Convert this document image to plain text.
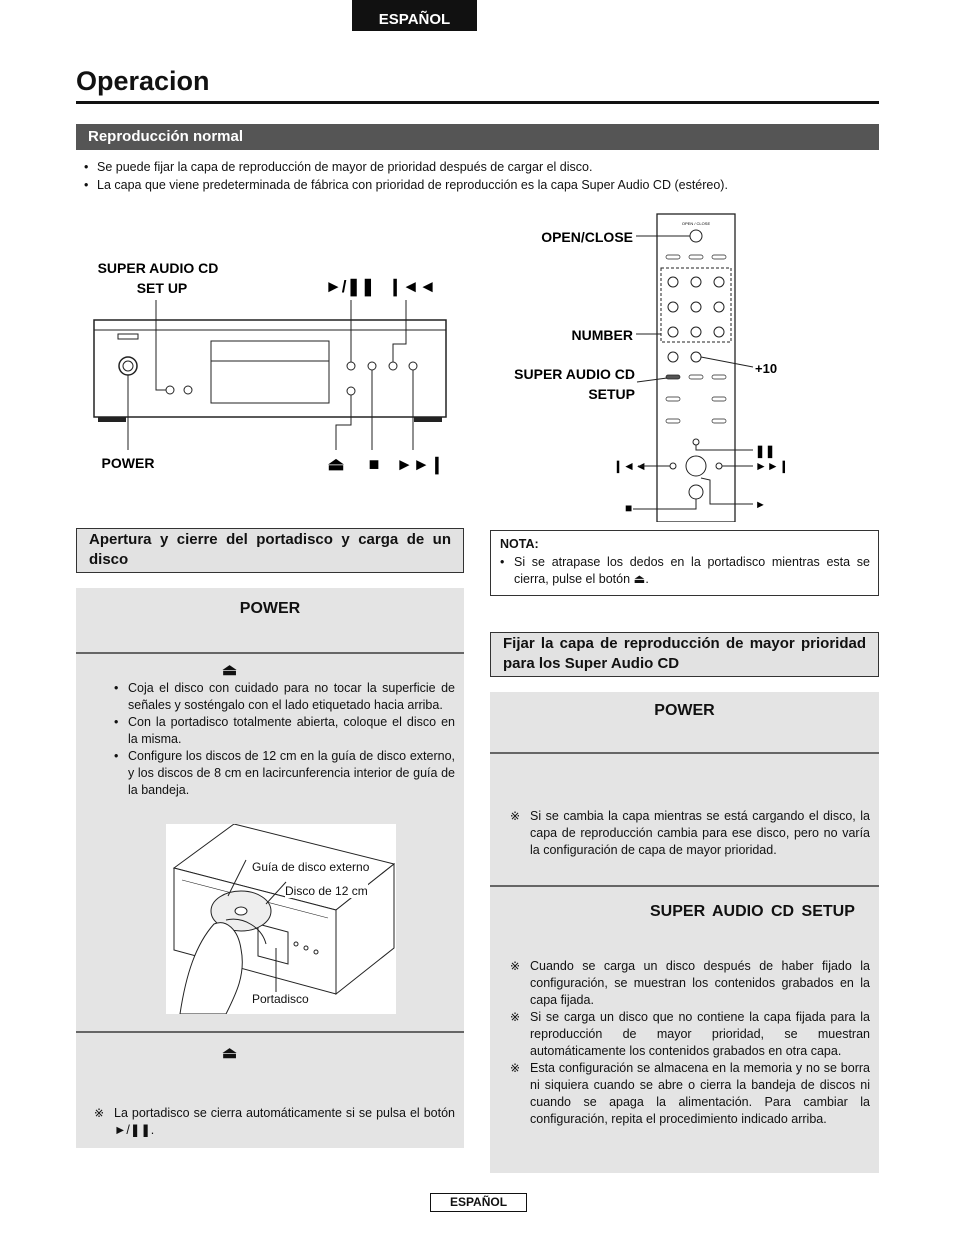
ESPAÑOL
Operacion
Reproducción normal
• Se puede fijar la capa de reproducción de mayor de prioridad después de cargar el disco.
• La capa que viene predeterminada de fábrica con prioridad de reproducción es la capa Super Audio CD (estéreo).
SUPER AUDIO CD
SET UP	►/❚❚ ❙◄◄
POWER	⏏ ■ ►►❙
OPEN/CLOSE
NUMBER
SUPER AUDIO CD
SETUP
+10
❚❚
❙◄◄	►►❙
■	►
OPEN / CLOSE
Apertura y cierre del portadisco y carga de un disco
POWER
⏏
• Coja el disco con cuidado para no tocar la superficie de señales y sosténgalo con el lado etiquetado hacia arriba.
• Con la portadisco totalmente abierta, coloque el disco en la misma.
• Configure los discos de 12 cm en la guía de disco externo, y los discos de 8 cm en lacircunferencia interior de guía de la bandeja.
Guía de disco externo
Disco de 12 cm
Portadisco
⏏
※ La portadisco se cierra automáticamente si se pulsa el botón ►/❚❚.
NOTA:
• Si se atrapase los dedos en la portadisco mientras esta se cierra, pulse el botón ⏏.
Fijar la capa de reproducción de mayor prioridad para los Super Audio CD
POWER
※ Si se cambia la capa mientras se está cargando el disco, la capa de reproducción cambia para ese disco, pero no varía la configuración de capa de mayor prioridad.
SUPER AUDIO CD SETUP
※ Cuando se carga un disco después de haber fijado la configuración, se muestran los contenidos grabados en la capa fijada.
※ Si se carga un disco que no contiene la capa fijada para la reproducción de mayor prioridad, se muestran automáticamente los contenidos grabados en otra capa.
※ Esta configuración se almacena en la memoria y no se borra ni siquiera cuando se abre o cierra la bandeja de discos ni cuando se apaga la alimentación. Para cambiar la configuración, repita el procedimiento indicado arriba.
ESPAÑOL
